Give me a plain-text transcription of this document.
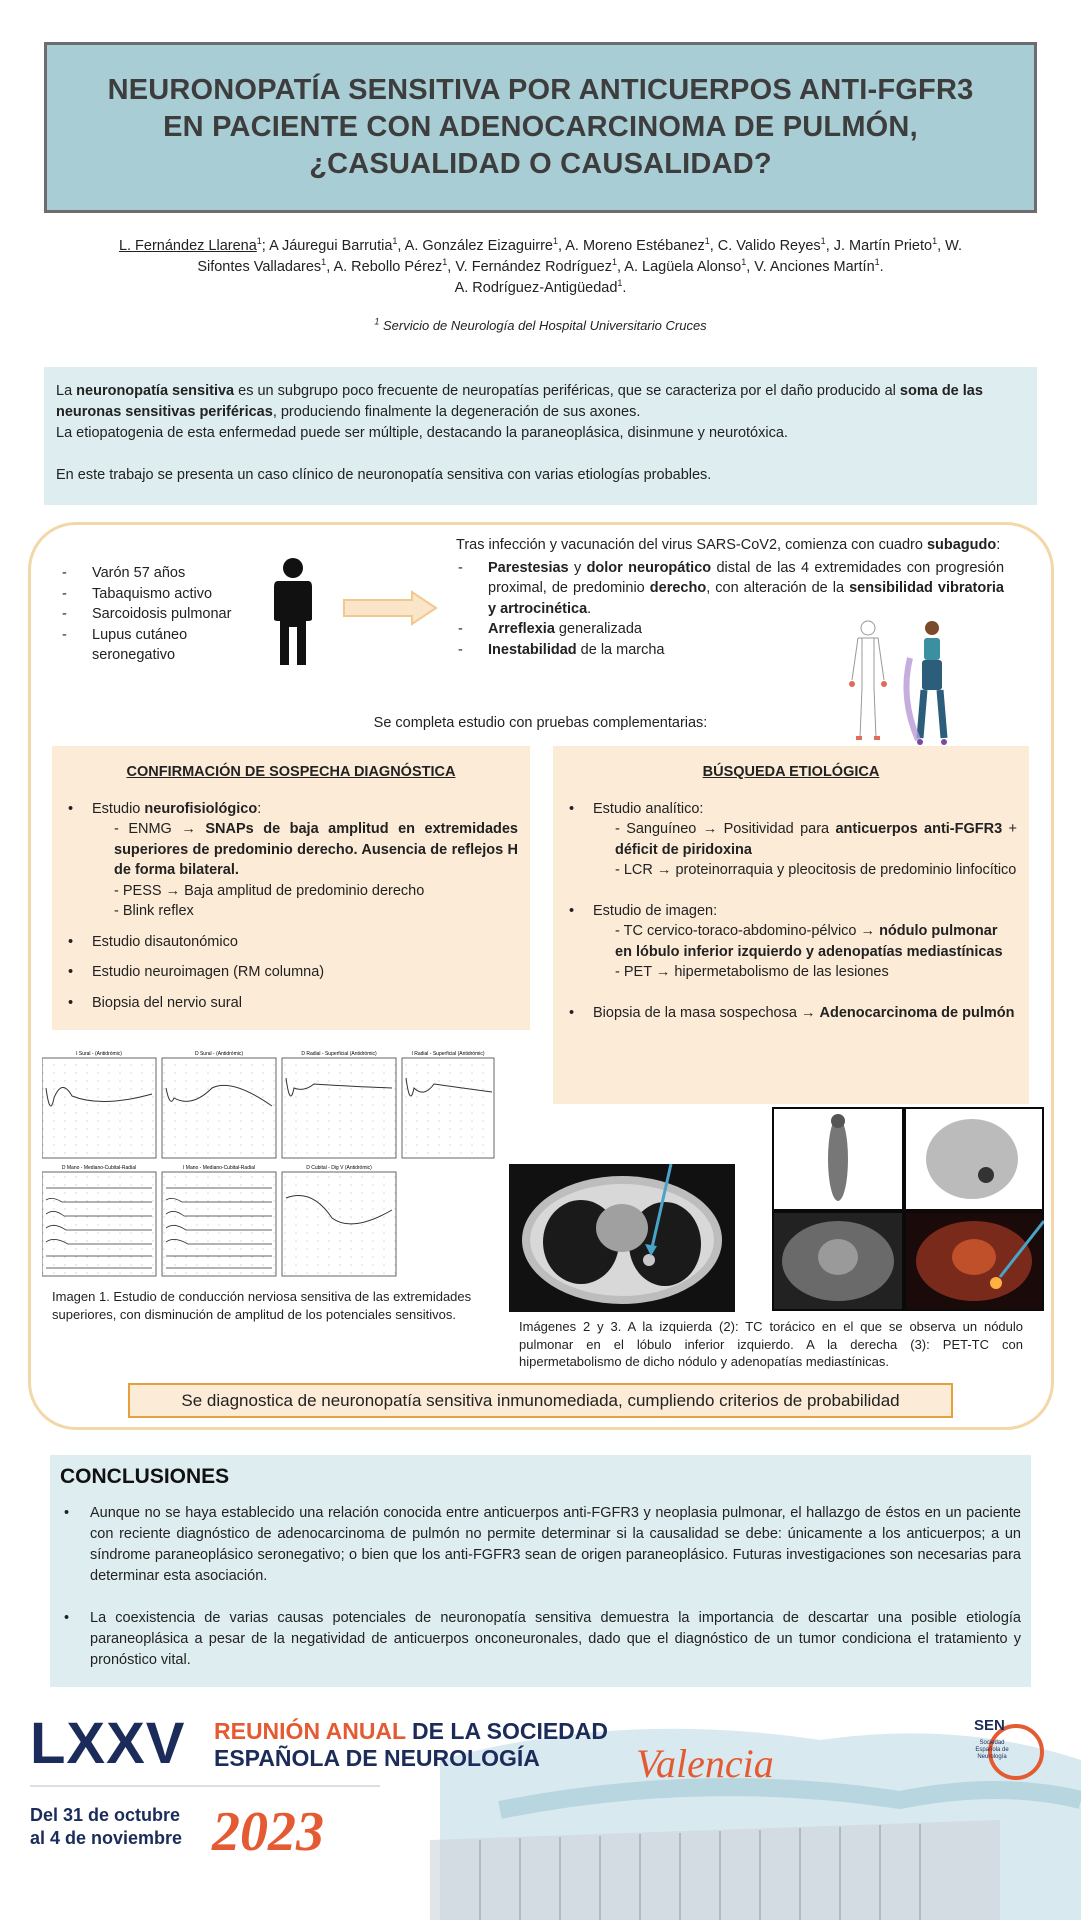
NEURONOPATÍA SENSITIVA POR ANTICUERPOS ANTI-FGFR3
EN PACIENTE CON ADENOCARCINOMA DE PULMÓN,
¿CASUALIDAD O CAUSALIDAD?
L. Fernández Llarena$^1$; A Jáuregui Barrutia$^1$, A. González Eizaguirre$^1$, A. Moreno Estébanez$^1$, C. Valido Reyes$^1$, J. Martín Prieto$^1$, W.
Sifontes Valladares$^1$, A. Rebollo Pérez$^1$, V. Fernández Rodríguez$^1$, A. Lagüela Alonso$^1$, V. Anciones Martín$^1$.
A. Rodríguez-Antigüedad$^1$.
$^1$ Servicio de Neurología del Hospital Universitario Cruces

La neuronopatía sensitiva es un subgrupo poco frecuente de neuropatías periféricas, que se caracteriza por el daño producido al soma de las neuronas sensitivas periféricas, produciendo finalmente la degeneración de sus axones.

La etiopatogenia de esta enfermedad puede ser múltiple, destacando la paraneoplásica, disinmune y neurotóxica.

En este trabajo se presenta un caso clínico de neuronopatía sensitiva con varias etiologías probables.

- Varón 57 años
- Tabaquismo activo
- Sarcoidosis pulmonar
- Lupus cutáneo seronegativo
Tras infección y vacunación del virus SARS-CoV2, comienza con cuadro subagudo:
- Parestesias y dolor neuropático distal de las 4 extremidades con progresión proximal, de predominio derecho, con alteración de la sensibilidad vibratoria y artrocinética.
- Arreflexia generalizada
- Inestabilidad de la marcha
Se completa estudio con pruebas complementarias:
CONFIRMACIÓN DE SOSPECHA DIAGNÓSTICA
• Estudio neurofisiológico:
- ENMG → SNAPs de baja amplitud en extremidades superiores de predominio derecho. Ausencia de reflejos H de forma bilateral.
- PESS → Baja amplitud de predominio derecho
- Blink reflex
• Estudio disautonómico
• Estudio neuroimagen (RM columna)
• Biopsia del nervio sural
BÚSQUEDA ETIOLÓGICA
• Estudio analítico:
- Sanguíneo → Positividad para anticuerpos anti-FGFR3 + déficit de piridoxina
- LCR → proteinorraquia y pleocitosis de predominio linfocítico
• Estudio de imagen:
- TC cervico-toraco-abdomino-pélvico → nódulo pulmonar en lóbulo inferior izquierdo y adenopatías mediastínicas
- PET → hipermetabolismo de las lesiones
• Biopsia de la masa sospechosa → Adenocarcinoma de pulmón
I Sural - (Antidrómic)	D Sural - (Antidrómic)	D Radial - Superficial (Antidrómic)	I Radial - Superficial (Antidrómic)
D Mano - Mediano-Cubital-Radial	I Mano - Mediano-Cubital-Radial	D Cubital - Dig V (Antidrómic)
Imagen 1. Estudio de conducción nerviosa sensitiva de las extremidades superiores, con disminución de amplitud de los potenciales sensitivos.
Imágenes 2 y 3. A la izquierda (2): TC torácico en el que se observa un nódulo pulmonar en el lóbulo inferior izquierdo. A la derecha (3): PET-TC con hipermetabolismo de dicho nódulo y adenopatías mediastínicas.
Se diagnostica de neuronopatía sensitiva inmunomediada, cumpliendo criterios de probabilidad
CONCLUSIONES
• Aunque no se haya establecido una relación conocida entre anticuerpos anti-FGFR3 y neoplasia pulmonar, el hallazgo de éstos en un paciente con reciente diagnóstico de adenocarcinoma de pulmón no permite determinar si la causalidad se debe: únicamente a los anticuerpos; a un síndrome paraneoplásico seronegativo; o bien que los anti-FGFR3 sean de origen paraneoplásico. Futuras investigaciones son necesarias para determinar esta asociación.
• La coexistencia de varias causas potenciales de neuronopatía sensitiva demuestra la importancia de descartar una posible etiología paraneoplásica a pesar de la negatividad de anticuerpos onconeuronales, dado que el diagnóstico de un tumor condiciona el tratamiento y pronóstico vital.
LXXV REUNIÓN ANUAL DE LA SOCIEDAD
ESPAÑOLA DE NEUROLOGÍA
Del 31 de octubre
al 4 de noviembre 2023
Valencia
SEN
Sociedad Española de Neurología
